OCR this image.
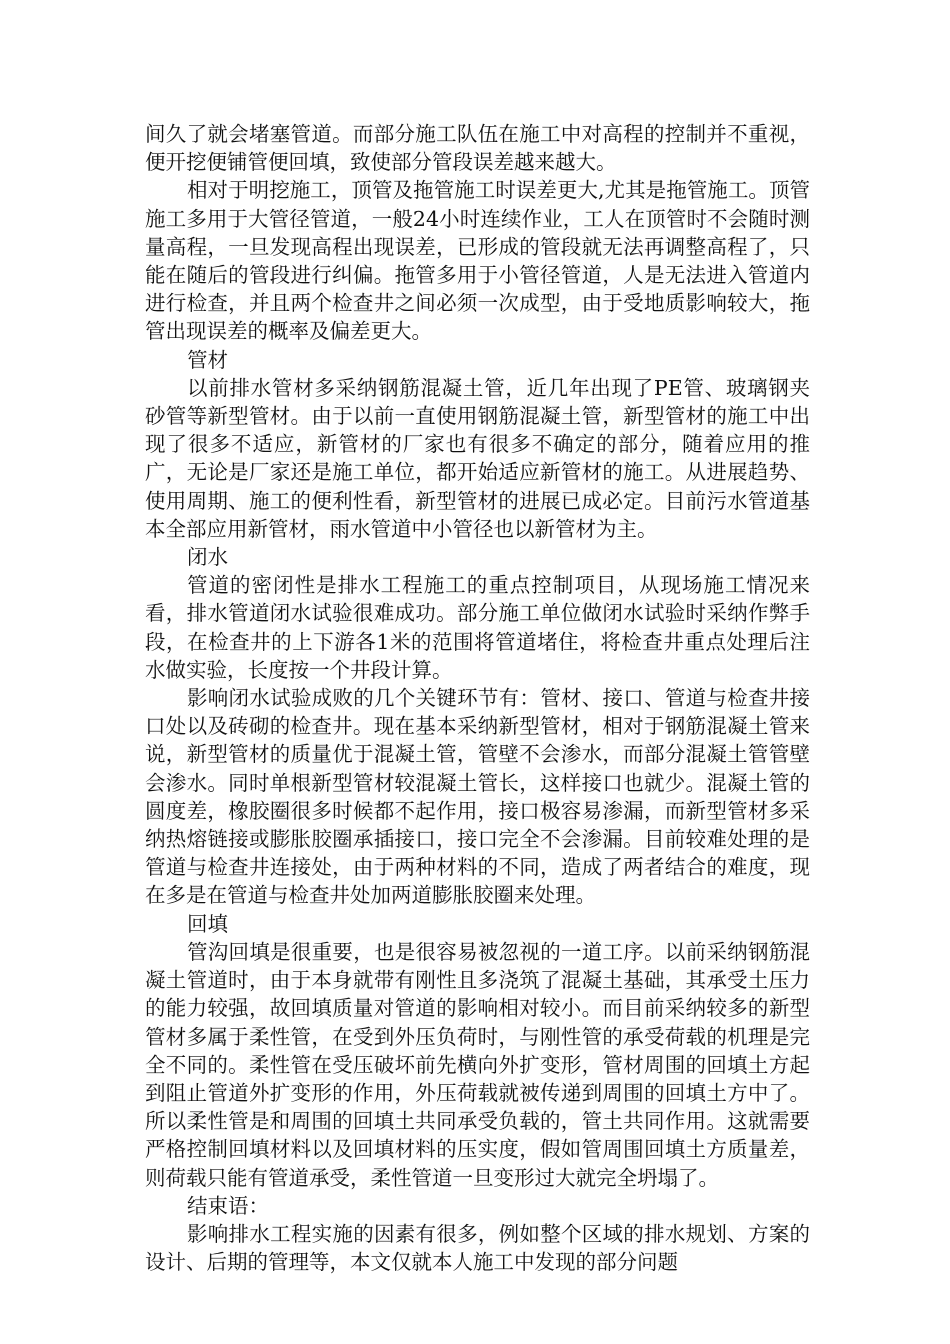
间久了就会堵塞管道。而部分施工队伍在施工中对高程的控制并不重视，便开挖便铺管便回填，致使部分管段误差越来越大。

相对于明挖施工，顶管及拖管施工时误差更大,尤其是拖管施工。顶管施工多用于大管径管道，一般24小时连续作业，工人在顶管时不会随时测量高程，一旦发现高程出现误差，已形成的管段就无法再调整高程了，只能在随后的管段进行纠偏。拖管多用于小管径管道，人是无法进入管道内进行检查，并且两个检查井之间必须一次成型，由于受地质影响较大，拖管出现误差的概率及偏差更大。

管材

以前排水管材多采纳钢筋混凝土管，近几年出现了PE管、玻璃钢夹砂管等新型管材。由于以前一直使用钢筋混凝土管，新型管材的施工中出现了很多不适应，新管材的厂家也有很多不确定的部分，随着应用的推广，无论是厂家还是施工单位，都开始适应新管材的施工。从进展趋势、使用周期、施工的便利性看，新型管材的进展已成必定。目前污水管道基本全部应用新管材，雨水管道中小管径也以新管材为主。

闭水

管道的密闭性是排水工程施工的重点控制项目，从现场施工情况来看，排水管道闭水试验很难成功。部分施工单位做闭水试验时采纳作弊手段，在检查井的上下游各1米的范围将管道堵住，将检查井重点处理后注水做实验，长度按一个井段计算。

影响闭水试验成败的几个关键环节有：管材、接口、管道与检查井接口处以及砖砌的检查井。现在基本采纳新型管材，相对于钢筋混凝土管来说，新型管材的质量优于混凝土管，管壁不会渗水，而部分混凝土管管壁会渗水。同时单根新型管材较混凝土管长，这样接口也就少。混凝土管的圆度差，橡胶圈很多时候都不起作用，接口极容易渗漏，而新型管材多采纳热熔链接或膨胀胶圈承插接口，接口完全不会渗漏。目前较难处理的是管道与检查井连接处，由于两种材料的不同，造成了两者结合的难度，现在多是在管道与检查井处加两道膨胀胶圈来处理。

回填

管沟回填是很重要，也是很容易被忽视的一道工序。以前采纳钢筋混凝土管道时，由于本身就带有刚性且多浇筑了混凝土基础，其承受土压力的能力较强，故回填质量对管道的影响相对较小。而目前采纳较多的新型管材多属于柔性管，在受到外压负荷时，与刚性管的承受荷载的机理是完全不同的。柔性管在受压破坏前先横向外扩变形，管材周围的回填土方起到阻止管道外扩变形的作用，外压荷载就被传递到周围的回填土方中了。所以柔性管是和周围的回填土共同承受负载的，管土共同作用。这就需要严格控制回填材料以及回填材料的压实度，假如管周围回填土方质量差，则荷载只能有管道承受，柔性管道一旦变形过大就完全坍塌了。

结束语：

影响排水工程实施的因素有很多，例如整个区域的排水规划、方案的设计、后期的管理等，本文仅就本人施工中发现的部分问题
